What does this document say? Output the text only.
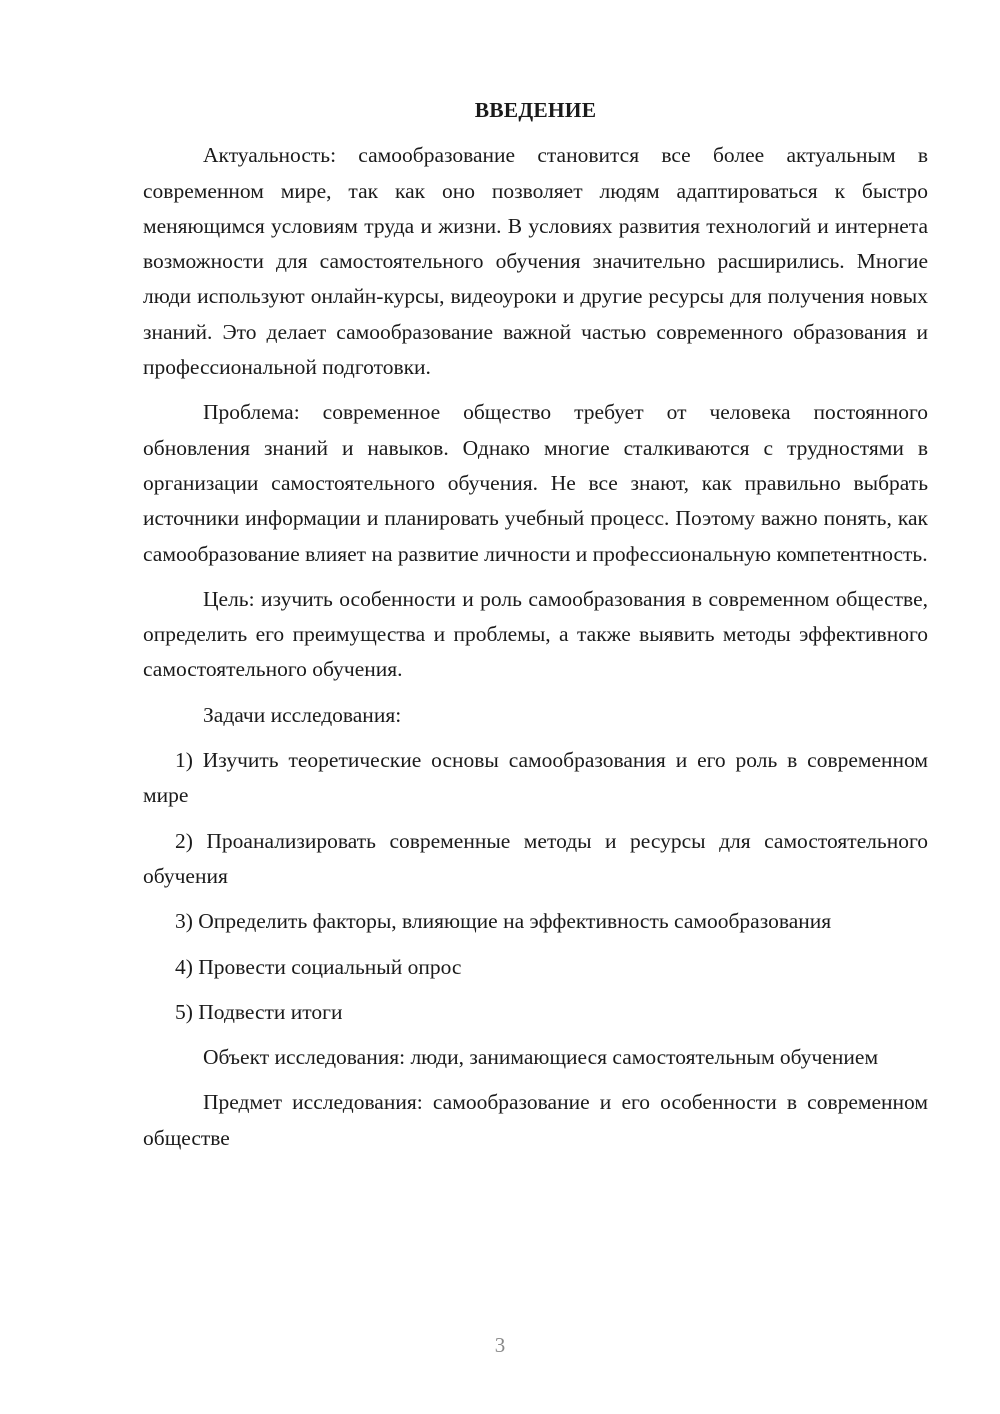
ВВЕДЕНИЕ

Актуальность: самообразование становится все более актуальным в современном мире, так как оно позволяет людям адаптироваться к быстро меняющимся условиям труда и жизни. В условиях развития технологий и интернета возможности для самостоятельного обучения значительно расширились. Многие люди используют онлайн-курсы, видеоуроки и другие ресурсы для получения новых знаний. Это делает самообразование важной частью современного образования и профессиональной подготовки.

Проблема: современное общество требует от человека постоянного обновления знаний и навыков. Однако многие сталкиваются с трудностями в организации самостоятельного обучения. Не все знают, как правильно выбрать источники информации и планировать учебный процесс. Поэтому важно понять, как самообразование влияет на развитие личности и профессиональную компетентность.

Цель: изучить особенности и роль самообразования в современном обществе, определить его преимущества и проблемы, а также выявить методы эффективного самостоятельного обучения.

Задачи исследования:

1) Изучить теоретические основы самообразования и его роль в современном мире

2) Проанализировать современные методы и ресурсы для самостоятельного обучения

3) Определить факторы, влияющие на эффективность самообразования

4) Провести социальный опрос

5) Подвести итоги

Объект исследования: люди, занимающиеся самостоятельным обучением

Предмет исследования: самообразование и его особенности в современном обществе

3
